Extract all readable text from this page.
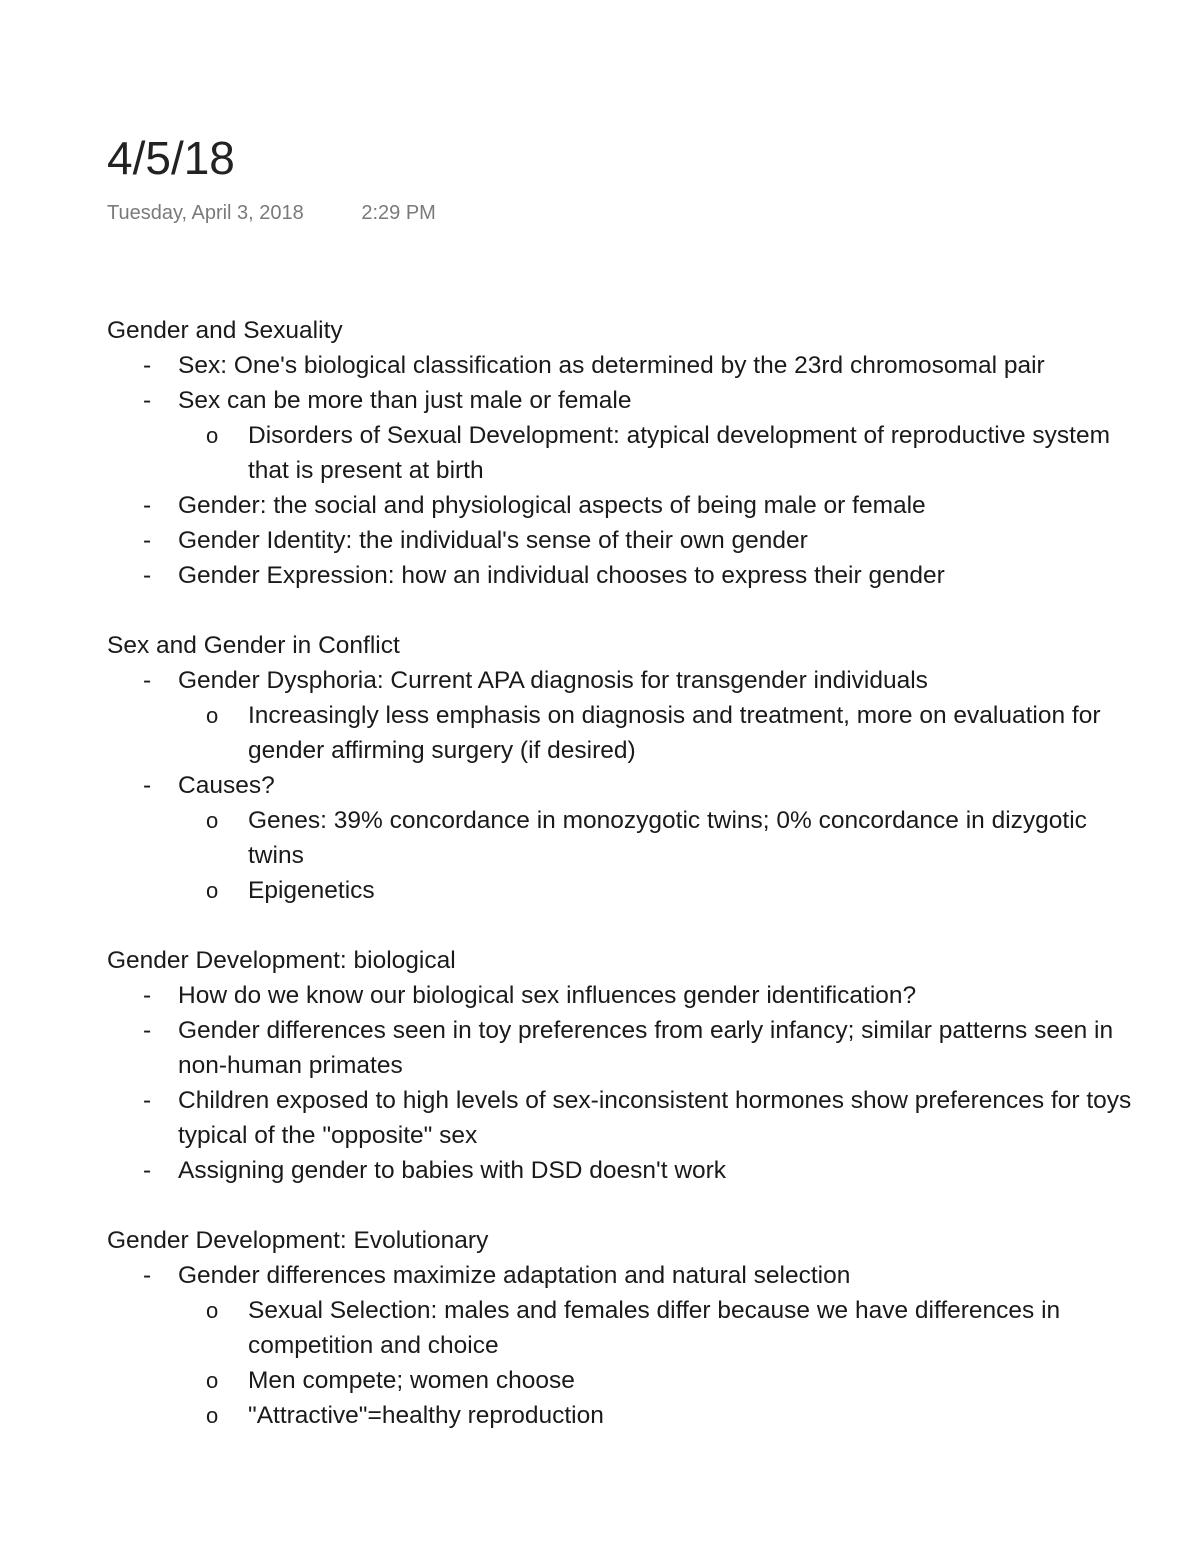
4/5/18
Tuesday, April 3, 2018	2:29 PM
Gender and Sexuality
- Sex: One's biological classification as determined by the 23rd chromosomal pair
- Sex can be more than just male or female
o Disorders of Sexual Development: atypical development of reproductive system that is present at birth
- Gender: the social and physiological aspects of being male or female
- Gender Identity: the individual's sense of their own gender
- Gender Expression: how an individual chooses to express their gender
Sex and Gender in Conflict
- Gender Dysphoria: Current APA diagnosis for transgender individuals
o Increasingly less emphasis on diagnosis and treatment, more on evaluation for gender affirming surgery (if desired)
- Causes?
o Genes: 39% concordance in monozygotic twins; 0% concordance in dizygotic twins
o Epigenetics
Gender Development: biological
- How do we know our biological sex influences gender identification?
- Gender differences seen in toy preferences from early infancy; similar patterns seen in non-human primates
- Children exposed to high levels of sex-inconsistent hormones show preferences for toys typical of the "opposite" sex
- Assigning gender to babies with DSD doesn't work
Gender Development: Evolutionary
- Gender differences maximize adaptation and natural selection
o Sexual Selection: males and females differ because we have differences in competition and choice
o Men compete; women choose
o "Attractive"=healthy reproduction
